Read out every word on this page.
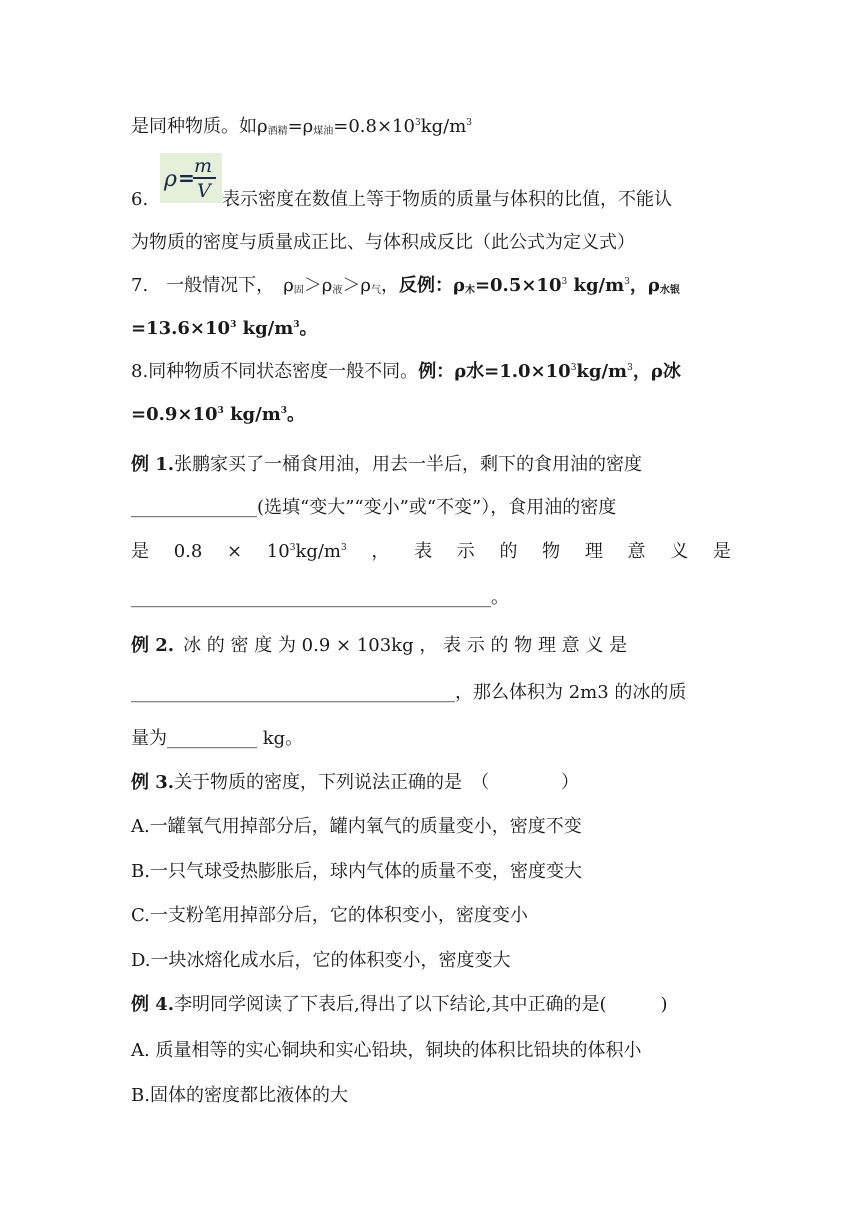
是同种物质。如$\rho_{酒精}=\rho_{煤油}=0.8\times 10^3kg/m^3$
ρ = m
V
6.	表示密度在数值上等于物质的质量与体积的比值，不能认
为物质的密度与质量成正比、与体积成反比（此公式为定义式）
7.  一般情况下，  $\rho_固>\rho_液>\rho_气$，反例：$\rho_木=0.5\times 10^3$ $kg/m^3$，$\rho_{水银}$
$=13.6\times 10^3$ $kg/m^3$。
8.同种物质不同状态密度一般不同。例：ρ水$=1.0\times 10^3kg/m^3$，ρ冰
$=0.9\times 10^3$ $kg/m^3$。
例 1.张鹏家买了一桶食用油，用去一半后，剩下的食用油的密度
______________(选填“变大”“变小”或“不变”），食用油的密度
是 $0.8 \times 10^3kg/m^3$ ， 表 示 的 物 理 意 义 是
________________________________________。
例 2.  冰 的 密 度 为 0.9 × 103kg ， 表 示 的 物 理 意 义 是
____________________________________，那么体积为 2m3 的冰的质
量为__________ kg。
例 3.关于物质的密度，下列说法正确的是  （　　　　）
A.一罐氧气用掉部分后，罐内氧气的质量变小，密度不变
B.一只气球受热膨胀后，球内气体的质量不变，密度变大
C.一支粉笔用掉部分后，它的体积变小，密度变小
D.一块冰熔化成水后，它的体积变小，密度变大
例 4.李明同学阅读了下表后,得出了以下结论,其中正确的是(　　　)
A. 质量相等的实心铜块和实心铅块，铜块的体积比铅块的体积小
B.固体的密度都比液体的大
